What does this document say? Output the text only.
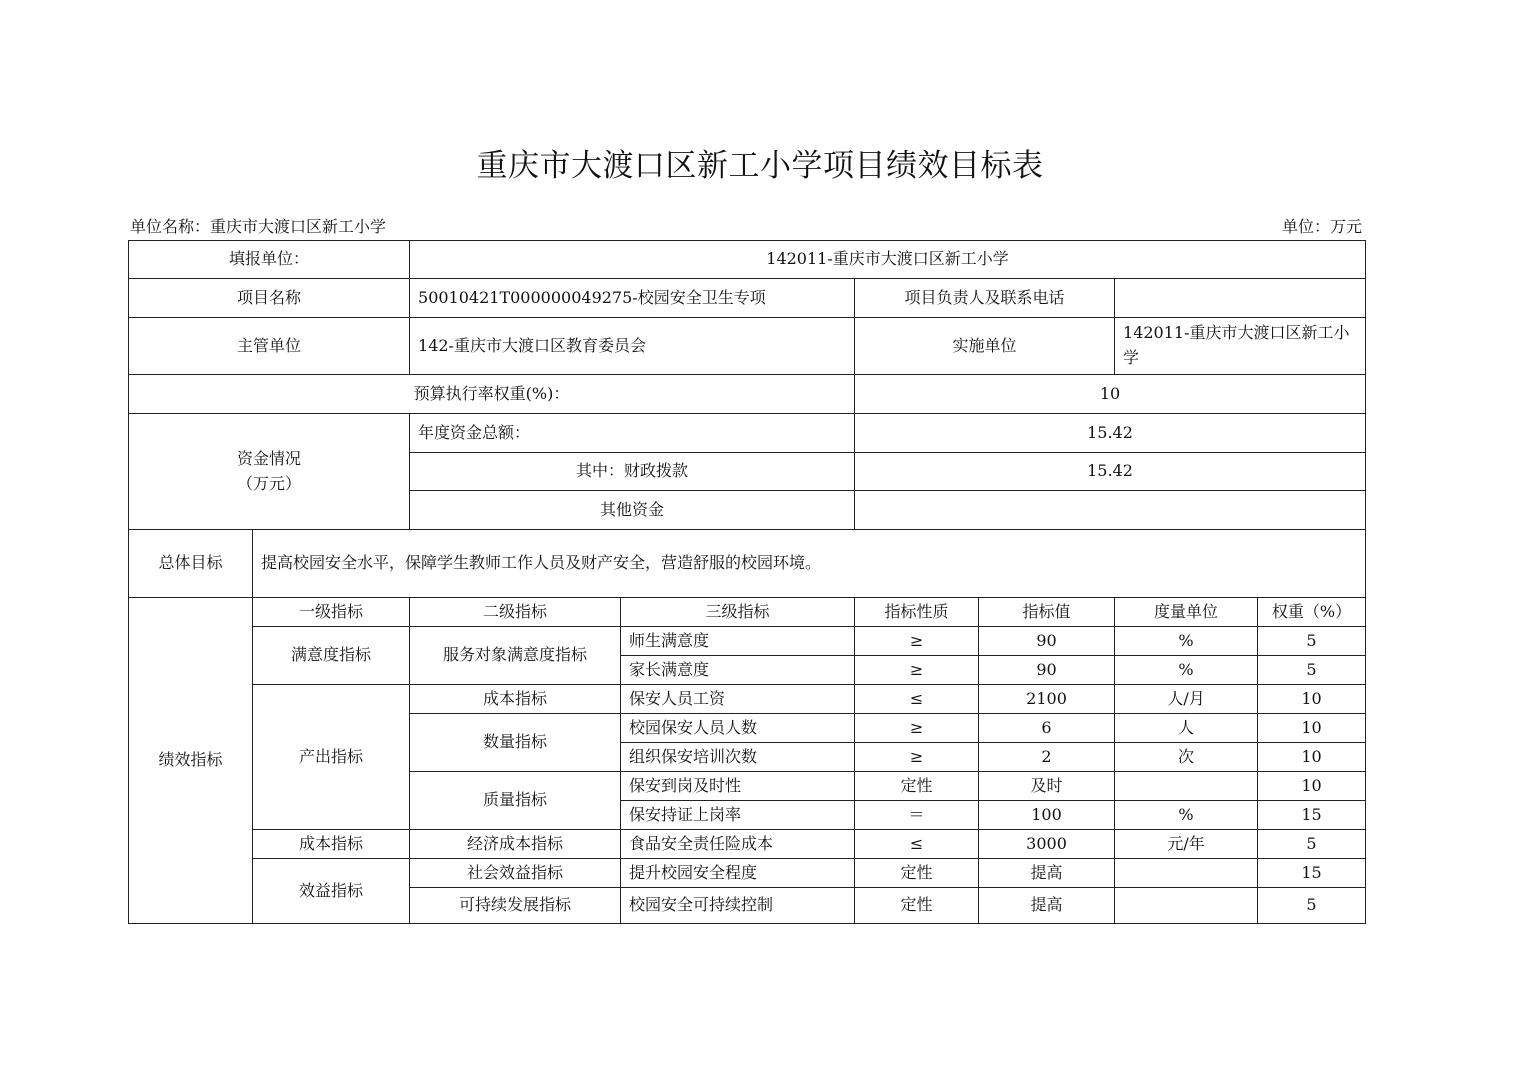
重庆市大渡口区新工小学项目绩效目标表
单位名称：重庆市大渡口区新工小学	单位：万元
填报单位：		142011-重庆市大渡口区新工小学					
项目名称		50010421T000000049275-校园安全卫生专项		项目负责人及联系电话			
主管单位		142-重庆市大渡口区教育委员会		实施单位		142011-重庆市大渡口区新工小学	
预算执行率权重(%)：				10			

资金情况
（万元）		年度资金总额：		15.42			
		其中：财政拨款		15.42			
		其他资金					
总体目标	提高校园安全水平，保障学生教师工作人员及财产安全，营造舒服的校园环境。						
绩效指标	一级指标	二级指标	三级指标	指标性质	指标值	度量单位	权重（%）
	满意度指标	服务对象满意度指标	师生满意度	≥	90	%	5
			家长满意度	≥	90	%	5
	产出指标	成本指标	保安人员工资	≤	2100	人/月	10
		数量指标	校园保安人员人数	≥	6	人	10
			组织保安培训次数	≥	2	次	10
		质量指标	保安到岗及时性	定性	及时		10
			保安持证上岗率	＝	100	%	15
	成本指标	经济成本指标	食品安全责任险成本	≤	3000	元/年	5
	效益指标	社会效益指标	提升校园安全程度	定性	提高		15
		可持续发展指标	校园安全可持续控制	定性	提高		5
